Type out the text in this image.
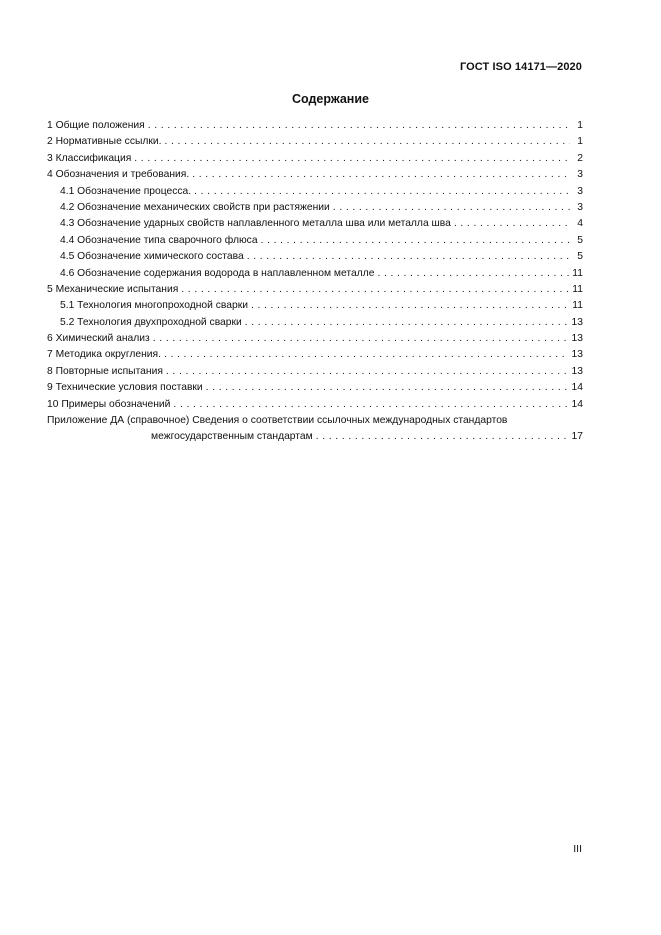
ГОСТ ISO 14171—2020
Содержание
1 Общие положения . . .	1
2 Нормативные ссылки. . . .	1
3 Классификация . . .	2
4 Обозначения и требования. . . .	3
4.1 Обозначение процесса. . . .	3
4.2 Обозначение механических свойств при растяжении . . .	3
4.3 Обозначение ударных свойств наплавленного металла шва или металла шва . . .	4
4.4 Обозначение типа сварочного флюса . . .	5
4.5 Обозначение химического состава . . .	5
4.6 Обозначение содержания водорода в наплавленном металле . . .	11
5 Механические испытания . . .	11
5.1 Технология многопроходной сварки . . .	11
5.2 Технология двухпроходной сварки . . .	13
6 Химический анализ . . .	13
7 Методика округления. . . .	13
8 Повторные испытания . . .	13
9 Технические условия поставки . . .	14
10 Примеры обозначений . . .	14
Приложение ДА (справочное) Сведения о соответствии ссылочных международных стандартов
межгосударственным стандартам . . .	17
III
